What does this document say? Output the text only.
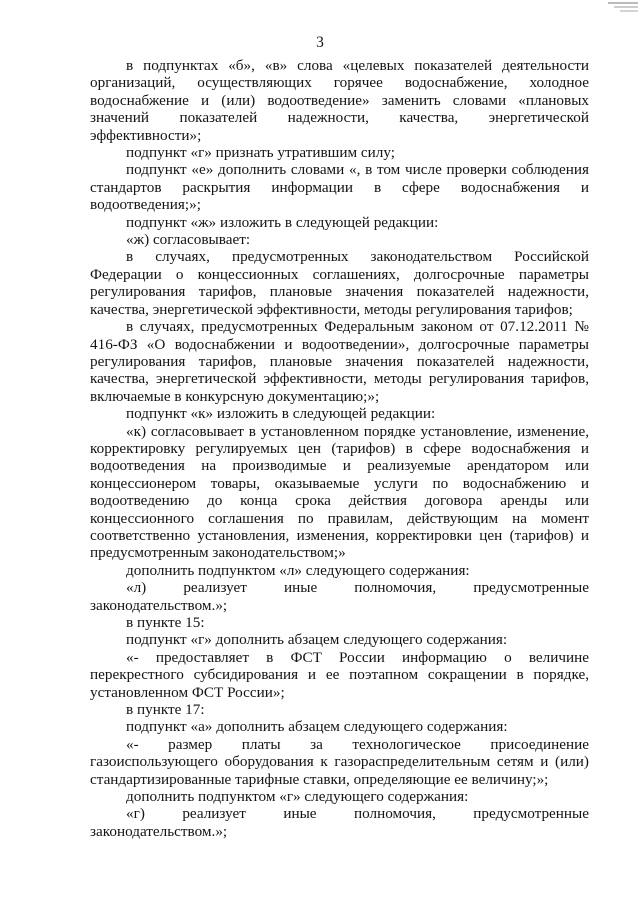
3

в подпунктах «б», «в» слова «целевых показателей деятельности организаций, осуществляющих горячее водоснабжение, холодное водоснабжение и (или) водоотведение» заменить словами «плановых значений показателей надежности, качества, энергетической эффективности»;

подпункт «г» признать утратившим силу;

подпункт «е» дополнить словами «, в том числе проверки соблюдения стандартов раскрытия информации в сфере водоснабжения и водоотведения;»;

подпункт «ж» изложить в следующей редакции:

«ж) согласовывает:

в случаях, предусмотренных законодательством Российской Федерации о концессионных соглашениях, долгосрочные параметры регулирования тарифов, плановые значения показателей надежности, качества, энергетической эффективности, методы регулирования тарифов;

в случаях, предусмотренных Федеральным законом от 07.12.2011 № 416-ФЗ «О водоснабжении и водоотведении», долгосрочные параметры регулирования тарифов, плановые значения показателей надежности, качества, энергетической эффективности, методы регулирования тарифов, включаемые в конкурсную документацию;»;

подпункт «к» изложить в следующей редакции:

«к) согласовывает в установленном порядке установление, изменение, корректировку регулируемых цен (тарифов) в сфере водоснабжения и водоотведения на производимые и реализуемые арендатором или концессионером товары, оказываемые услуги по водоснабжению и водоотведению до конца срока действия договора аренды или концессионного соглашения по правилам, действующим на момент соответственно установления, изменения, корректировки цен (тарифов) и предусмотренным законодательством;»

дополнить подпунктом «л» следующего содержания:

«л) реализует иные полномочия, предусмотренные законодательством.»;

в пункте 15:

подпункт «г» дополнить абзацем следующего содержания:

«- предоставляет в ФСТ России информацию о величине перекрестного субсидирования и ее поэтапном сокращении в порядке, установленном ФСТ России»;

в пункте 17:

подпункт «а» дополнить абзацем следующего содержания:

«- размер платы за технологическое присоединение газоиспользующего оборудования к газораспределительным сетям и (или) стандартизированные тарифные ставки, определяющие ее величину;»;

дополнить подпунктом «г» следующего содержания:

«г) реализует иные полномочия, предусмотренные законодательством.»;
